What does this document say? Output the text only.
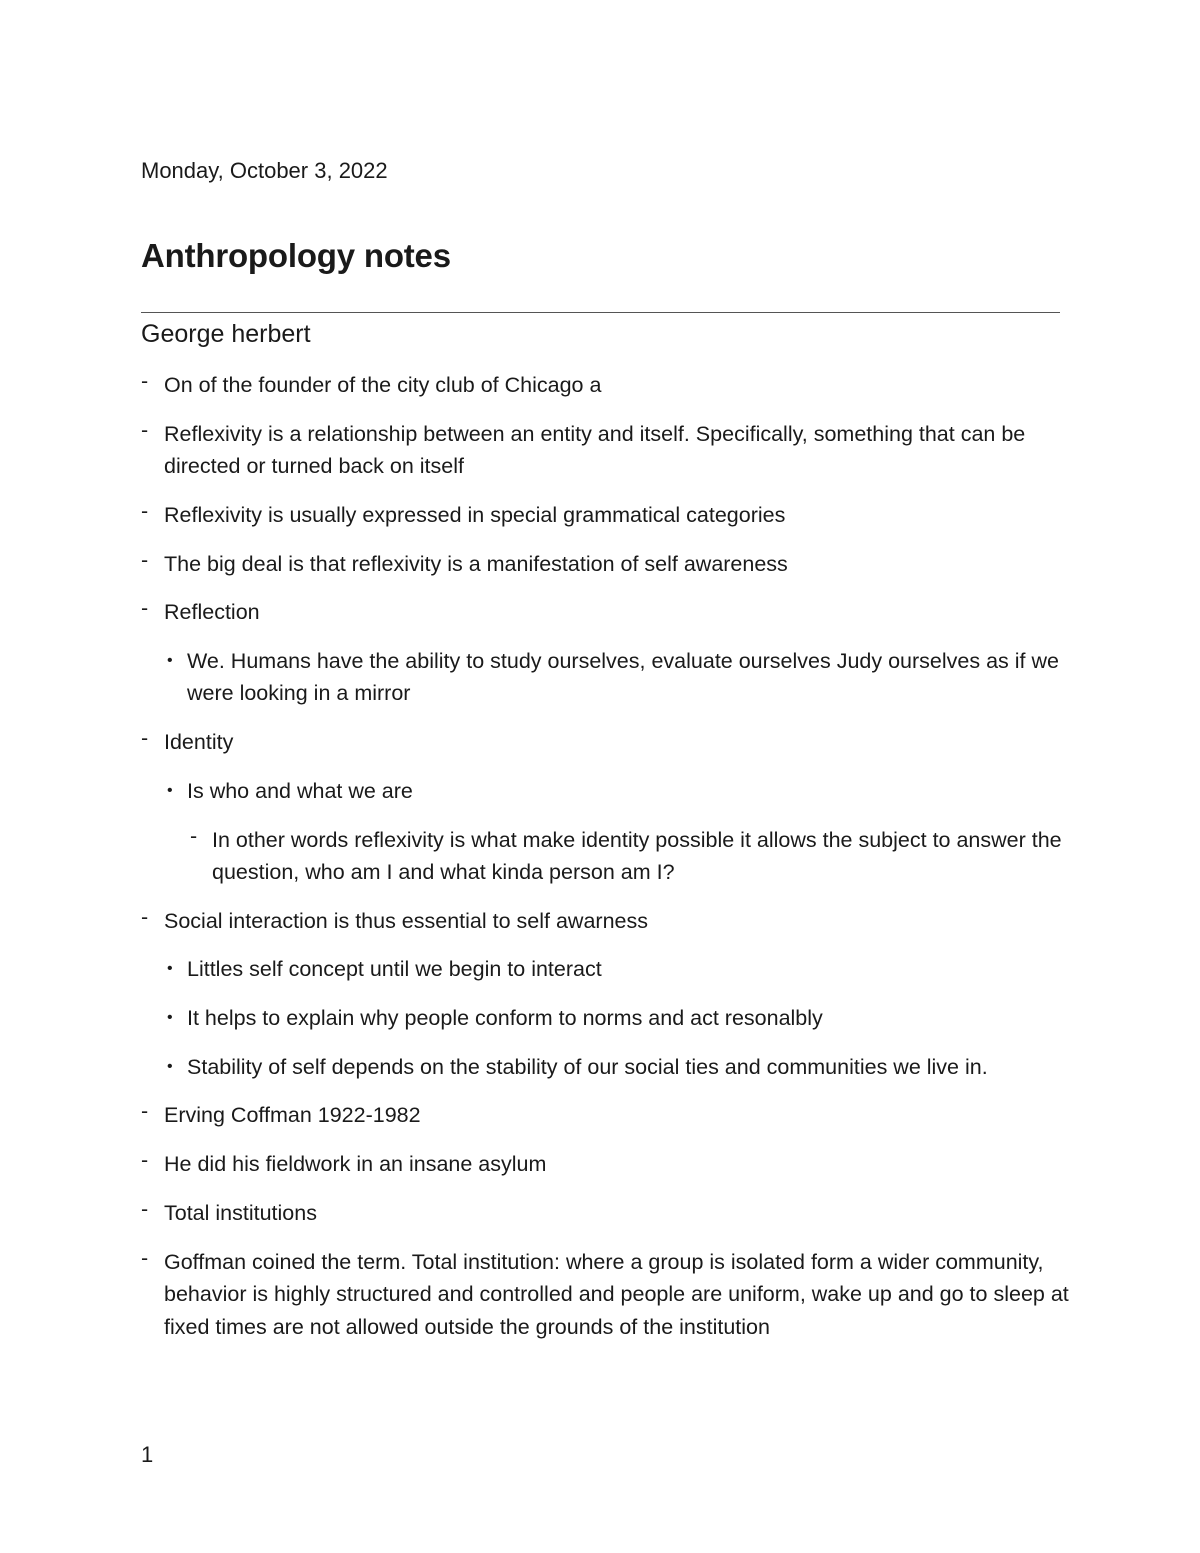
Monday, October 3, 2022
Anthropology notes
George herbert
- On of the founder of the city club of Chicago a
- Reflexivity is a relationship between an entity and itself. Specifically, something that can be directed or turned back on itself
- Reflexivity is usually expressed in special grammatical categories
- The big deal is that reflexivity is a manifestation of self awareness
- Reflection
• We. Humans have the ability to study ourselves, evaluate ourselves Judy ourselves as if we were looking in a mirror
- Identity
• Is who and what we are
- In other words reflexivity is what make identity possible it allows the subject to answer the question, who am I and what kinda person am I?
- Social interaction is thus essential to self awarness
• Littles self concept until we begin to interact
• It helps to explain why people conform to norms and act resonalbly
• Stability of self depends on the stability of our social ties and communities we live in.
- Erving Coffman 1922-1982
- He did his fieldwork in an insane asylum
- Total institutions
- Goffman coined the term. Total institution: where a group is isolated form a wider community, behavior is highly structured and controlled and people are uniform, wake up and go to sleep at fixed times are not allowed outside the grounds of the institution
1
